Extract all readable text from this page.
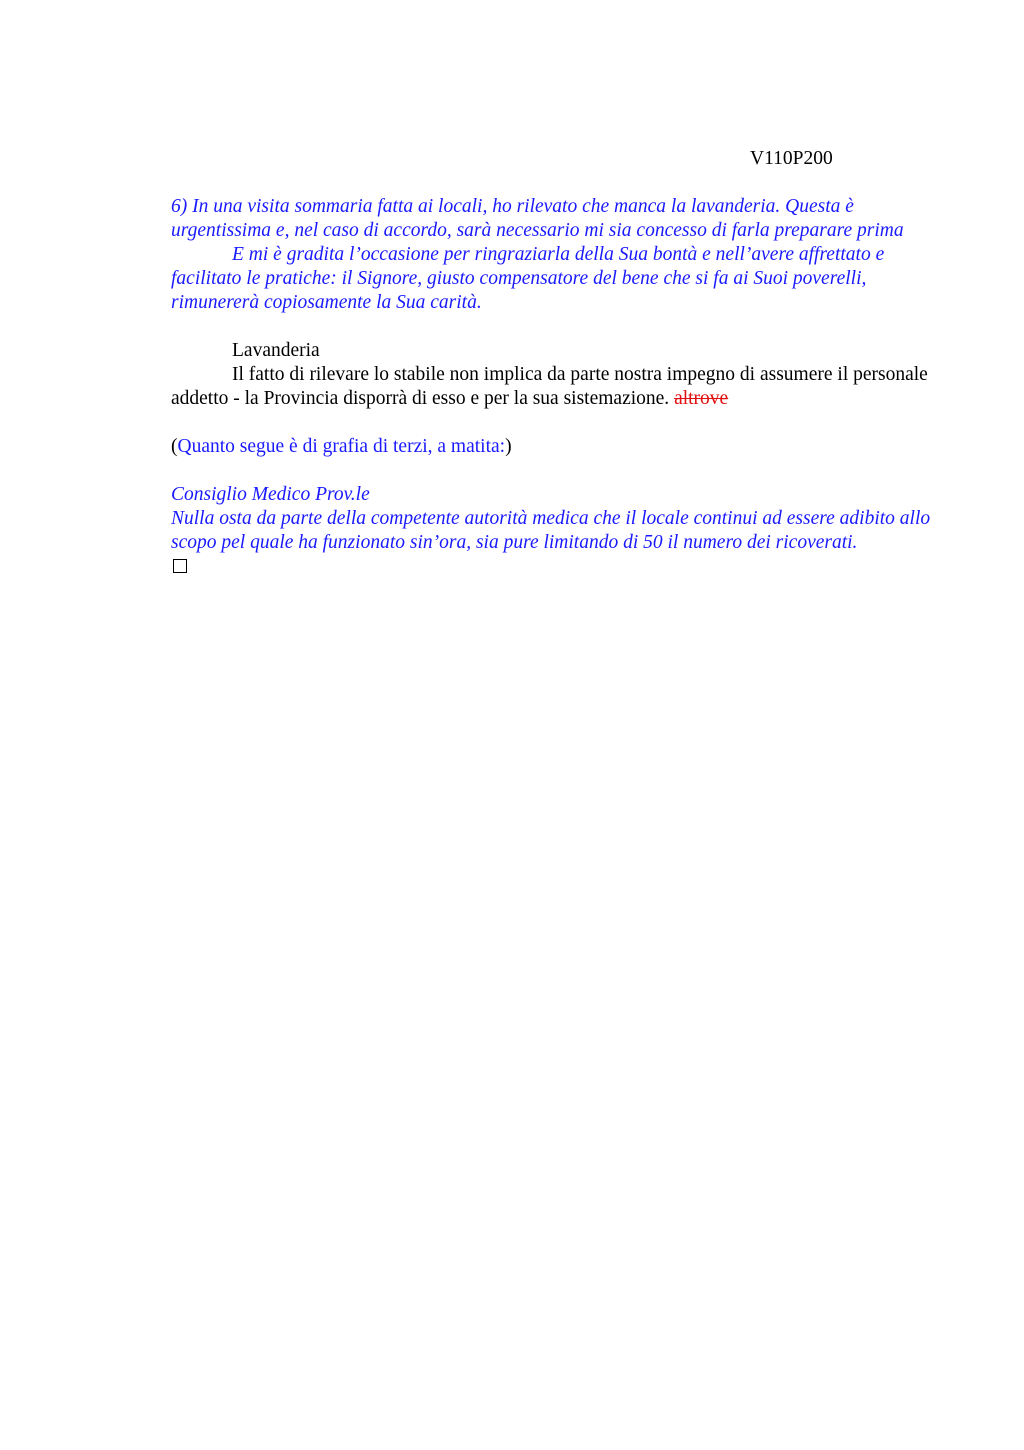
V110P200

6) In una visita sommaria fatta ai locali, ho rilevato che manca la lavanderia. Questa è urgentissima e, nel caso di accordo, sarà necessario mi sia concesso di farla preparare prima

E mi è gradita l’occasione per ringraziarla della Sua bontà e nell’avere affrettato e facilitato le pratiche: il Signore, giusto compensatore del bene che si fa ai Suoi poverelli, rimunererà copiosamente la Sua carità.

Lavanderia

Il fatto di rilevare lo stabile non implica da parte nostra impegno di assumere il personale addetto - la Provincia disporrà di esso e per la sua sistemazione. altrove

(Quanto segue è di grafia di terzi, a matita:)

Consiglio Medico Prov.le

Nulla osta da parte della competente autorità medica che il locale continui ad essere adibito allo scopo pel quale ha funzionato sin’ora, sia pure limitando di 50 il numero dei ricoverati.
